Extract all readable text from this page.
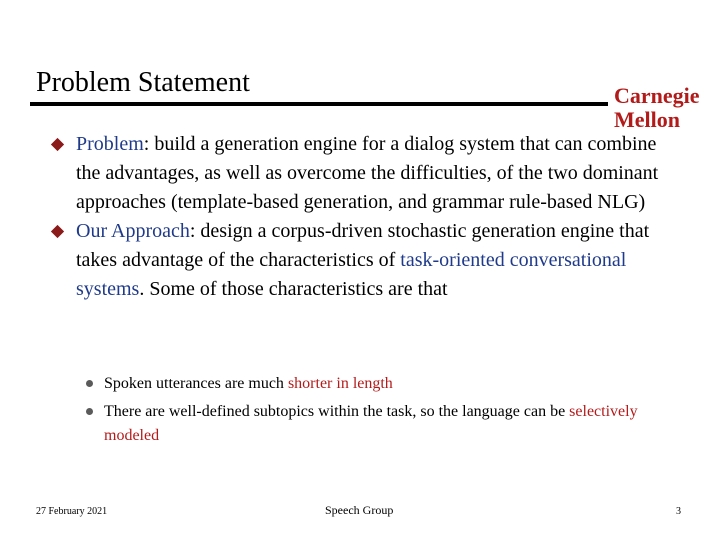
Problem Statement	Carnegie
Mellon
Problem: build a generation engine for a dialog system that can combine the advantages, as well as overcome the difficulties, of the two dominant approaches (template-based generation, and grammar rule-based NLG)
Our Approach: design a corpus-driven stochastic generation engine that takes advantage of the characteristics of task-oriented conversational systems. Some of those characteristics are that
Spoken utterances are much shorter in length
There are well-defined subtopics within the task, so the language can be selectively modeled
27 February 2021	Speech Group	3
